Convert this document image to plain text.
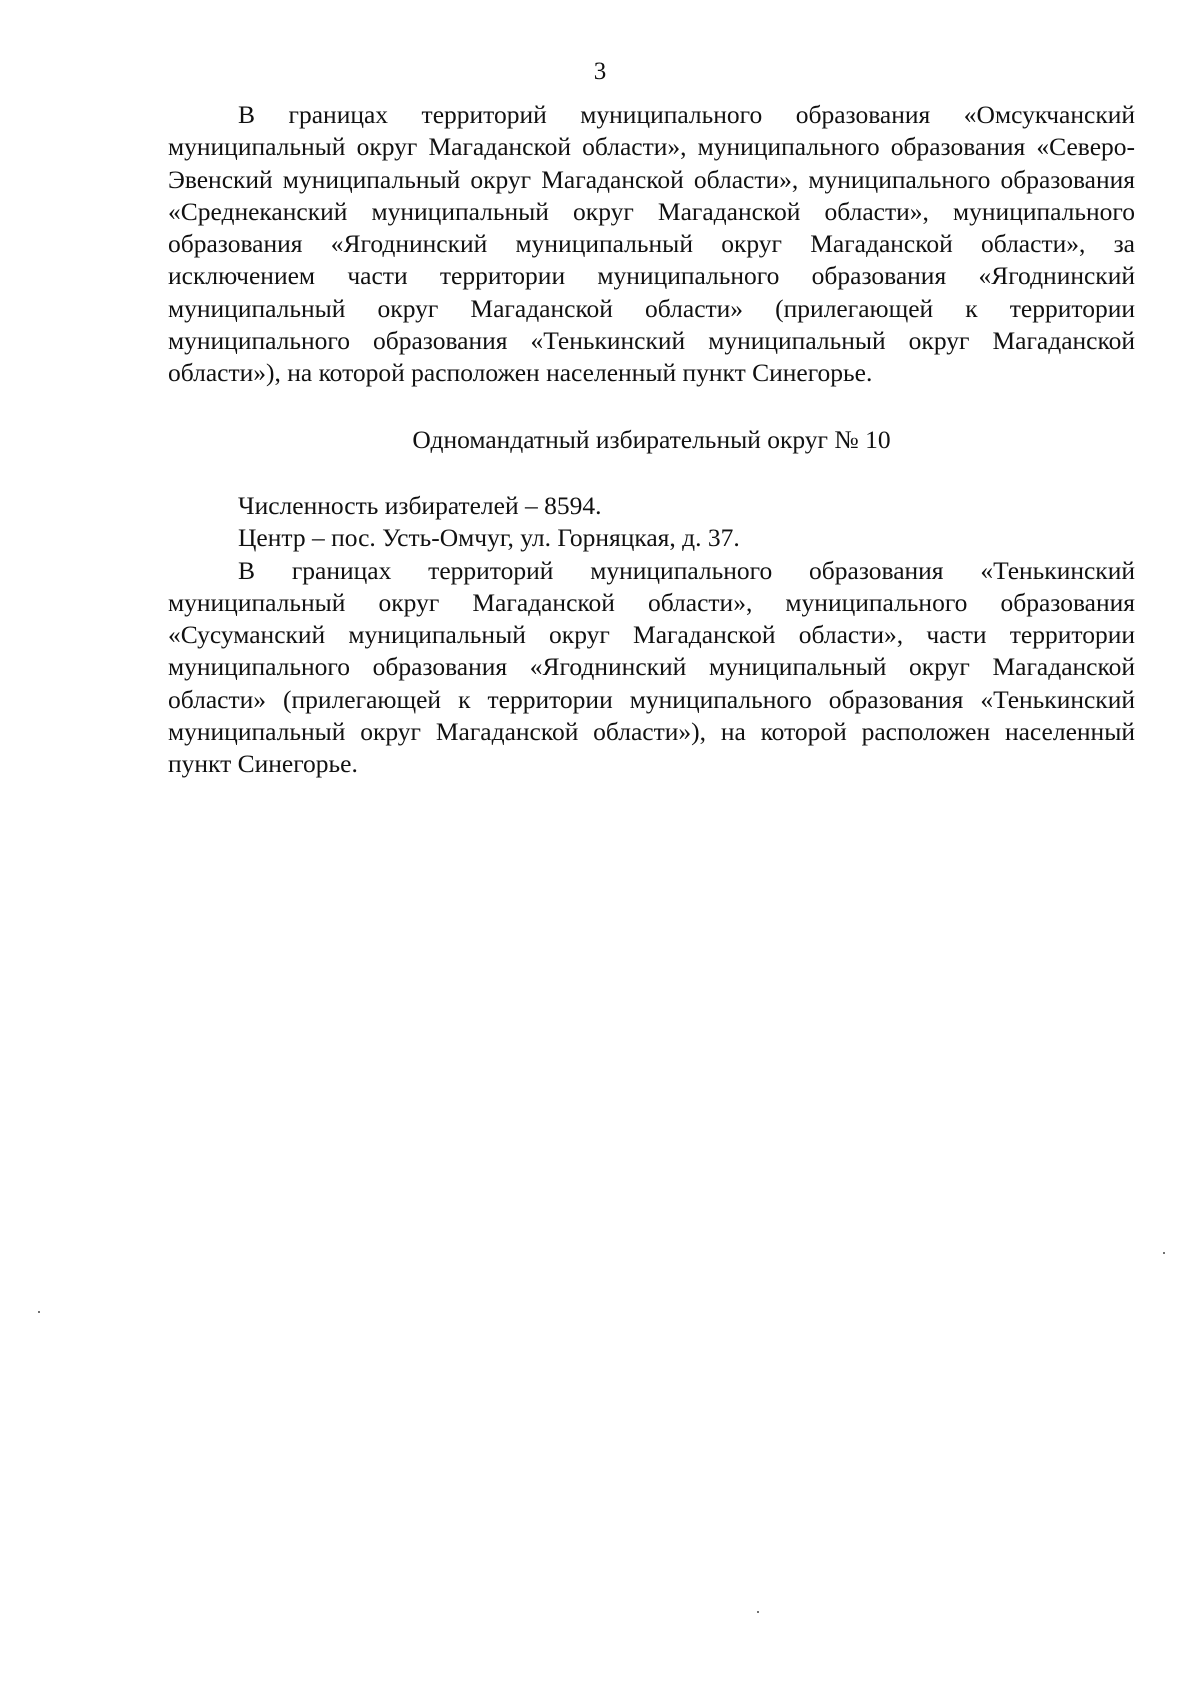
3

В границах территорий муниципального образования «Омсукчанский муниципальный округ Магаданской области», муниципального образования «Северо-Эвенский муниципальный округ Магаданской области», муниципального образования «Среднеканский муниципальный округ Магаданской области», муниципального образования «Ягоднинский муниципальный округ Магаданской области», за исключением части территории муниципального образования «Ягоднинский муниципальный округ Магаданской области» (прилегающей к территории муниципального образования «Тенькинский муниципальный округ Магаданской области»), на которой расположен населенный пункт Синегорье.

Одномандатный избирательный округ № 10

Численность избирателей – 8594.

Центр – пос. Усть-Омчуг, ул. Горняцкая, д. 37.

В границах территорий муниципального образования «Тенькинский муниципальный округ Магаданской области», муниципального образования «Сусуманский муниципальный округ Магаданской области», части территории муниципального образования «Ягоднинский муниципальный округ Магаданской области» (прилегающей к территории муниципального образования «Тенькинский муниципальный округ Магаданской области»), на которой расположен населенный пункт Синегорье.
